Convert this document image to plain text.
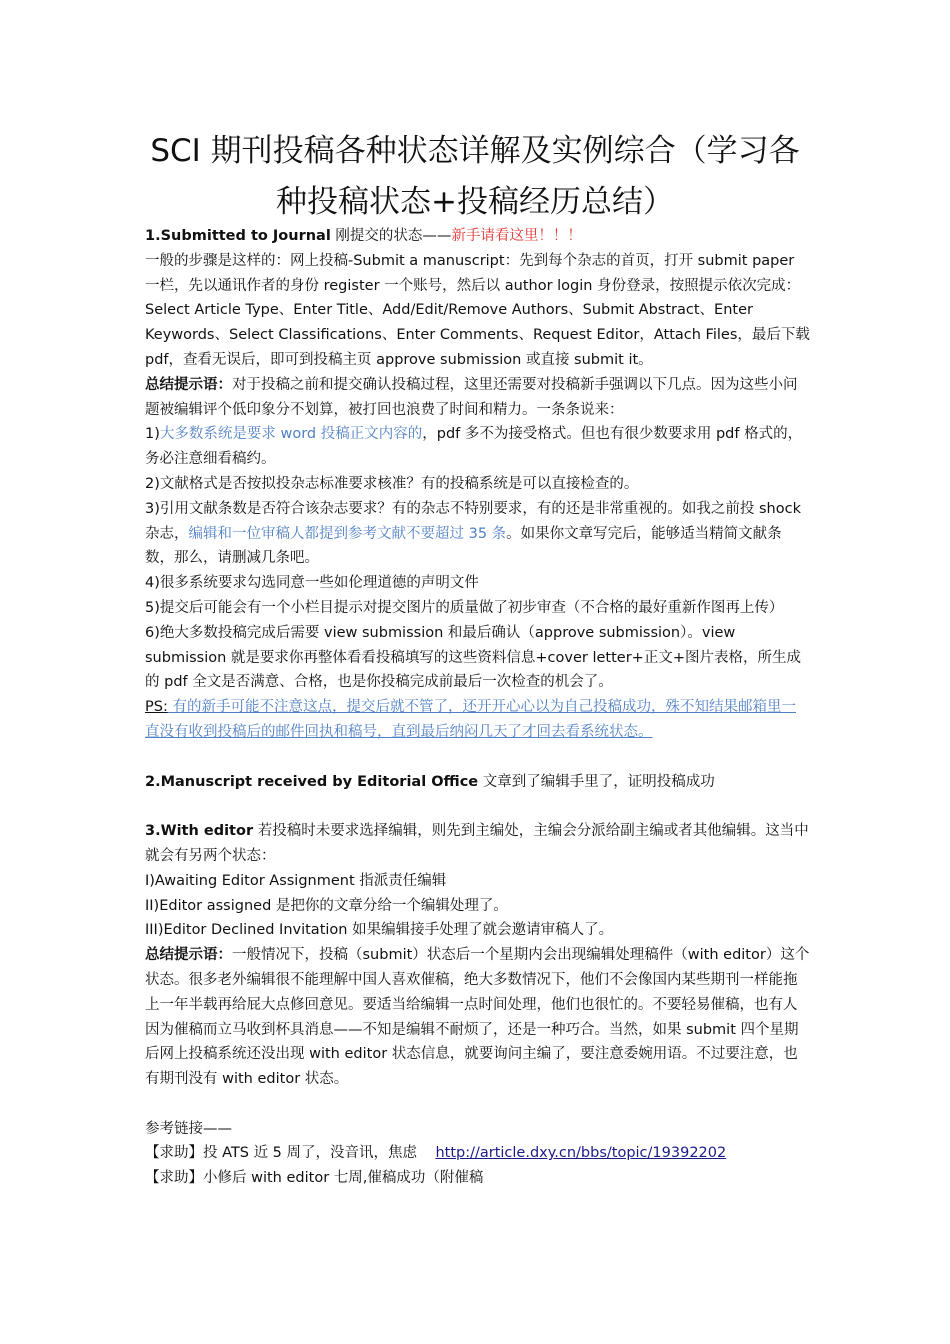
SCI 期刊投稿各种状态详解及实例综合（学习各
种投稿状态+投稿经历总结）

1.Submitted to Journal 刚提交的状态——新手请看这里！！！

一般的步骤是这样的：网上投稿-Submit a manuscript：先到每个杂志的首页，打开 submit paper 一栏，先以通讯作者的身份 register 一个账号，然后以 author login 身份登录，按照提示依次完成：Select Article Type、Enter Title、Add/Edit/Remove Authors、Submit Abstract、Enter Keywords、Select Classifications、Enter Comments、Request Editor，Attach Files，最后下载 pdf，查看无误后，即可到投稿主页 approve submission 或直接 submit it。

总结提示语：对于投稿之前和提交确认投稿过程，这里还需要对投稿新手强调以下几点。因为这些小问题被编辑评个低印象分不划算，被打回也浪费了时间和精力。一条条说来：

1)大多数系统是要求 word 投稿正文内容的，pdf 多不为接受格式。但也有很少数要求用 pdf 格式的，务必注意细看稿约。

2)文献格式是否按拟投杂志标准要求核准？有的投稿系统是可以直接检查的。

3)引用文献条数是否符合该杂志要求？有的杂志不特别要求，有的还是非常重视的。如我之前投 shock 杂志，编辑和一位审稿人都提到参考文献不要超过 35 条。如果你文章写完后，能够适当精简文献条数，那么，请删减几条吧。

4)很多系统要求勾选同意一些如伦理道德的声明文件

5)提交后可能会有一个小栏目提示对提交图片的质量做了初步审查（不合格的最好重新作图再上传）

6)绝大多数投稿完成后需要 view submission 和最后确认（approve submission）。view submission 就是要求你再整体看看投稿填写的这些资料信息+cover letter+正文+图片表格，所生成的 pdf 全文是否满意、合格，也是你投稿完成前最后一次检查的机会了。

PS: 有的新手可能不注意这点，提交后就不管了，还开开心心以为自己投稿成功，殊不知结果邮箱里一直没有收到投稿后的邮件回执和稿号，直到最后纳闷几天了才回去看系统状态。

2.Manuscript received by Editorial Office 文章到了编辑手里了，证明投稿成功

3.With editor 若投稿时未要求选择编辑，则先到主编处，主编会分派给副主编或者其他编辑。这当中就会有另两个状态：

I)Awaiting Editor Assignment 指派责任编辑

II)Editor assigned 是把你的文章分给一个编辑处理了。

III)Editor Declined Invitation 如果编辑接手处理了就会邀请审稿人了。

总结提示语：一般情况下，投稿（submit）状态后一个星期内会出现编辑处理稿件（with editor）这个状态。很多老外编辑很不能理解中国人喜欢催稿，绝大多数情况下，他们不会像国内某些期刊一样能拖上一年半载再给屁大点修回意见。要适当给编辑一点时间处理，他们也很忙的。不要轻易催稿，也有人因为催稿而立马收到杯具消息——不知是编辑不耐烦了，还是一种巧合。当然，如果 submit 四个星期后网上投稿系统还没出现 with editor 状态信息，就要询问主编了，要注意委婉用语。不过要注意，也有期刊没有 with editor 状态。

参考链接——

【求助】投 ATS 近 5 周了，没音讯，焦虑 http://article.dxy.cn/bbs/topic/19392202

【求助】小修后 with editor 七周,催稿成功（附催稿
